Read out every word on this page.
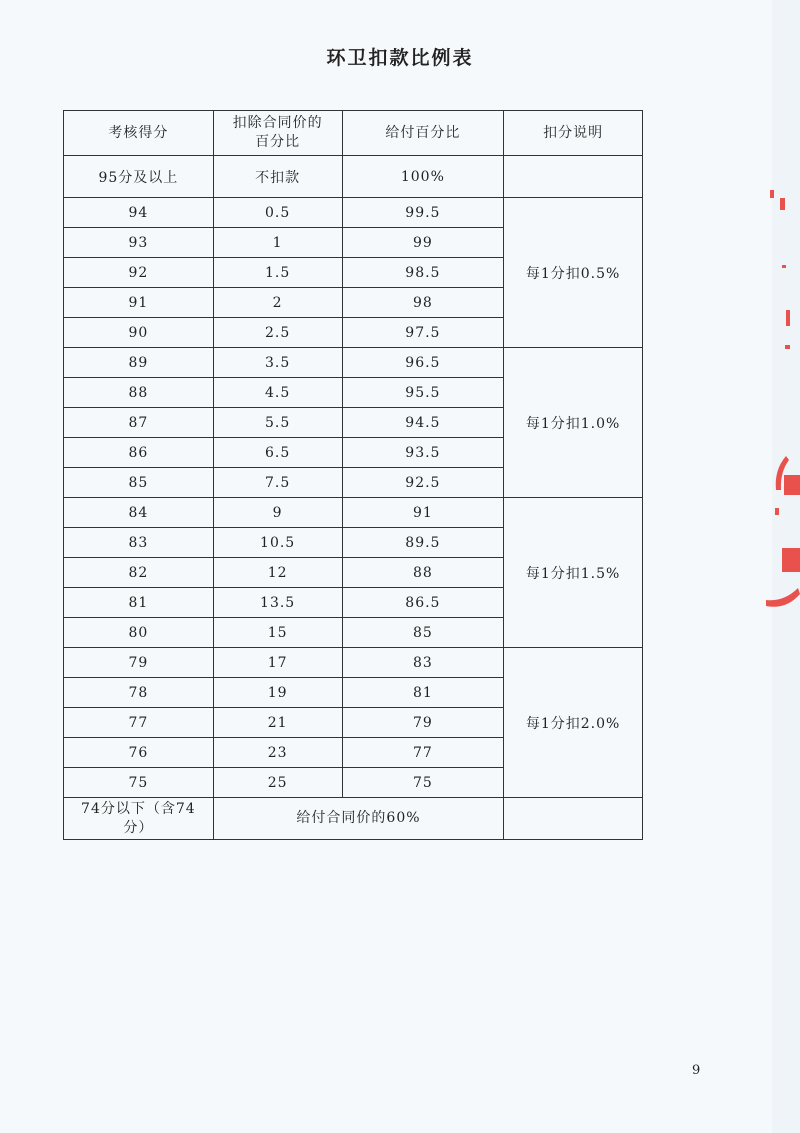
环卫扣款比例表
考核得分	扣除合同价的百分比	给付百分比	扣分说明
95分及以上	不扣款	100%	
94	0.5	99.5	每1分扣0.5%
93	1	99	
92	1.5	98.5	
91	2	98	
90	2.5	97.5	
89	3.5	96.5	每1分扣1.0%
88	4.5	95.5	
87	5.5	94.5	
86	6.5	93.5	
85	7.5	92.5	
84	9	91	每1分扣1.5%
83	10.5	89.5	
82	12	88	
81	13.5	86.5	
80	15	85	
79	17	83	每1分扣2.0%
78	19	81	
77	21	79	
76	23	77	
75	25	75	
74分以下（含74分）	给付合同价的60%		
9
